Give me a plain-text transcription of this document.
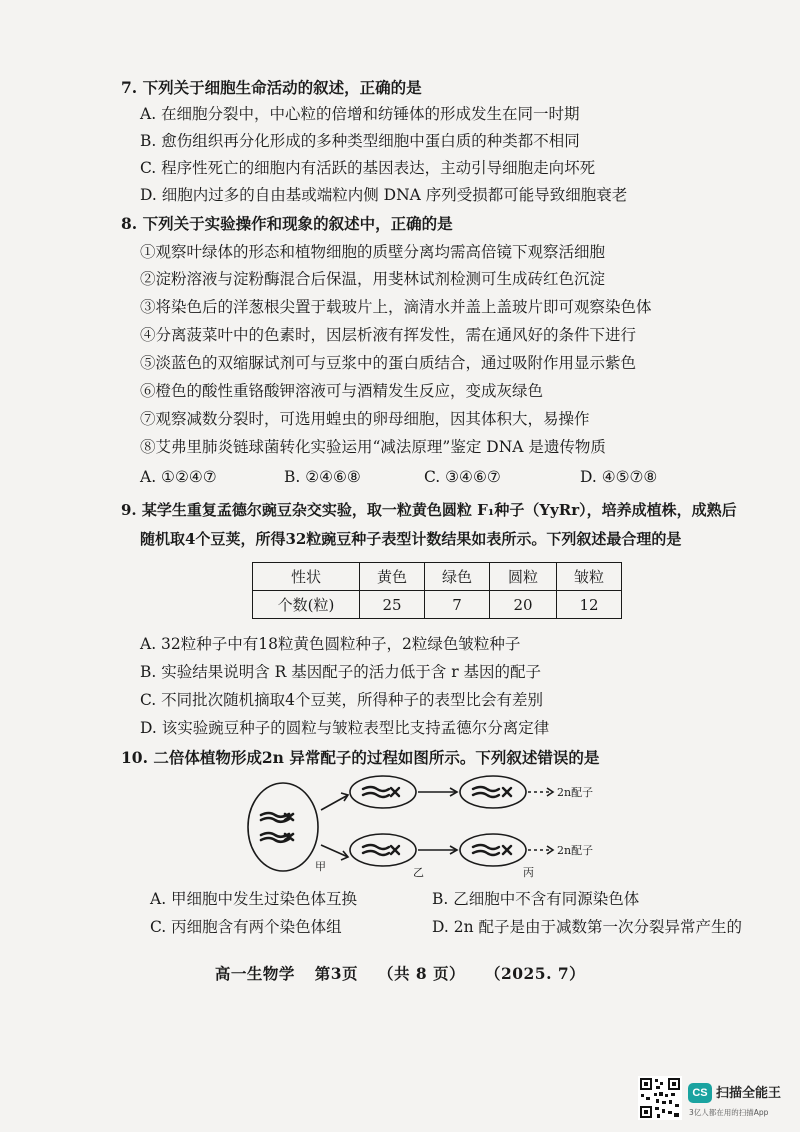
7. 下列关于细胞生命活动的叙述，正确的是
A. 在细胞分裂中，中心粒的倍增和纺锤体的形成发生在同一时期
B. 愈伤组织再分化形成的多种类型细胞中蛋白质的种类都不相同
C. 程序性死亡的细胞内有活跃的基因表达，主动引导细胞走向坏死
D. 细胞内过多的自由基或端粒内侧 DNA 序列受损都可能导致细胞衰老
8. 下列关于实验操作和现象的叙述中，正确的是
①观察叶绿体的形态和植物细胞的质壁分离均需高倍镜下观察活细胞
②淀粉溶液与淀粉酶混合后保温，用斐林试剂检测可生成砖红色沉淀
③将染色后的洋葱根尖置于载玻片上，滴清水并盖上盖玻片即可观察染色体
④分离菠菜叶中的色素时，因层析液有挥发性，需在通风好的条件下进行
⑤淡蓝色的双缩脲试剂可与豆浆中的蛋白质结合，通过吸附作用显示紫色
⑥橙色的酸性重铬酸钾溶液可与酒精发生反应，变成灰绿色
⑦观察减数分裂时，可选用蝗虫的卵母细胞，因其体积大，易操作
⑧艾弗里肺炎链球菌转化实验运用“减法原理”鉴定 DNA 是遗传物质
A. ①②④⑦	B. ②④⑥⑧	C. ③④⑥⑦	D. ④⑤⑦⑧
9. 某学生重复孟德尔豌豆杂交实验，取一粒黄色圆粒 F₁种子（YyRr），培养成植株，成熟后
随机取4个豆荚，所得32粒豌豆种子表型计数结果如表所示。下列叙述最合理的是
性状	黄色	绿色	圆粒	皱粒
个数(粒)	25	7	20	12
A. 32粒种子中有18粒黄色圆粒种子，2粒绿色皱粒种子
B. 实验结果说明含 R 基因配子的活力低于含 r 基因的配子
C. 不同批次随机摘取4个豆荚，所得种子的表型比会有差别
D. 该实验豌豆种子的圆粒与皱粒表型比支持孟德尔分离定律
10. 二倍体植物形成2n 异常配子的过程如图所示。下列叙述错误的是
2n配子
2n配子
甲	乙	丙
A. 甲细胞中发生过染色体互换	B. 乙细胞中不含有同源染色体
C. 丙细胞含有两个染色体组	D. 2n 配子是由于减数第一次分裂异常产生的
高一生物学 第3页 （共 8 页） （2025. 7）
CS 扫描全能王
3亿人都在用的扫描App
